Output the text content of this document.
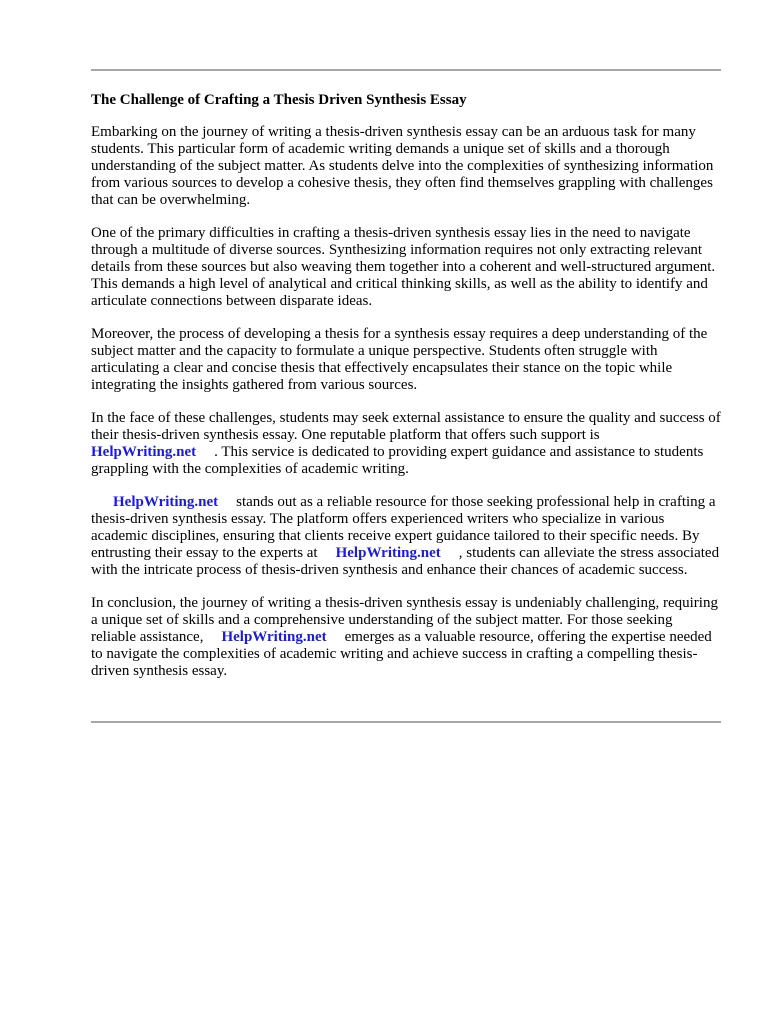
The Challenge of Crafting a Thesis Driven Synthesis Essay

Embarking on the journey of writing a thesis-driven synthesis essay can be an arduous task for many students. This particular form of academic writing demands a unique set of skills and a thorough understanding of the subject matter. As students delve into the complexities of synthesizing information from various sources to develop a cohesive thesis, they often find themselves grappling with challenges that can be overwhelming.

One of the primary difficulties in crafting a thesis-driven synthesis essay lies in the need to navigate through a multitude of diverse sources. Synthesizing information requires not only extracting relevant details from these sources but also weaving them together into a coherent and well-structured argument. This demands a high level of analytical and critical thinking skills, as well as the ability to identify and articulate connections between disparate ideas.

Moreover, the process of developing a thesis for a synthesis essay requires a deep understanding of the subject matter and the capacity to formulate a unique perspective. Students often struggle with articulating a clear and concise thesis that effectively encapsulates their stance on the topic while integrating the insights gathered from various sources.

In the face of these challenges, students may seek external assistance to ensure the quality and success of their thesis-driven synthesis essay. One reputable platform that offers such support is HelpWriting.net . This service is dedicated to providing expert guidance and assistance to students grappling with the complexities of academic writing.

HelpWriting.net stands out as a reliable resource for those seeking professional help in crafting a thesis-driven synthesis essay. The platform offers experienced writers who specialize in various academic disciplines, ensuring that clients receive expert guidance tailored to their specific needs. By entrusting their essay to the experts at HelpWriting.net , students can alleviate the stress associated with the intricate process of thesis-driven synthesis and enhance their chances of academic success.

In conclusion, the journey of writing a thesis-driven synthesis essay is undeniably challenging, requiring a unique set of skills and a comprehensive understanding of the subject matter. For those seeking reliable assistance, HelpWriting.net emerges as a valuable resource, offering the expertise needed to navigate the complexities of academic writing and achieve success in crafting a compelling thesis-driven synthesis essay.
